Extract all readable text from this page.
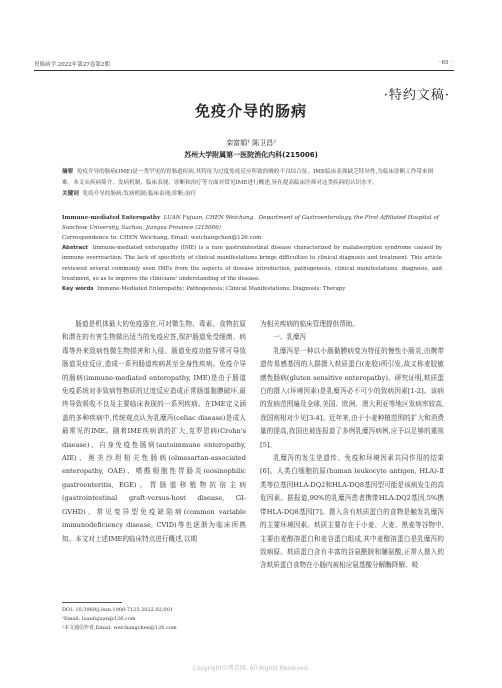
胃肠病学 2022年第27卷第2期	· 65 ·
·特约文稿·
免疫介导的肠病
栾富娟¹ 陈卫昌²
苏州大学附属第一医院消化内科(215006)
摘要 免疫介导的肠病(IME)是一类罕见的胃肠道疾病,其特征为过度免疫反应所致的吸收不良综合征。IME临床表现缺乏特异性,为临床诊断工作带来困难。本文从疾病简介、发病机制、临床表现、诊断和治疗等方面对常见IME进行概述,旨在提高临床医师对这类疾病的认识水平。
关键词 免疫介导的肠病;发病机制;临床表现;诊断;治疗
Immune-mediated Enteropathy LUAN Fujuan, CHEN Weichang. Department of Gastroenterology, the First Affiliated Hospital of Soochow University, Suzhou, Jiangsu Province (215006)
Correspondence to: CHEN Weichang, Email: weichangchen@126.com
Abstract Immune-mediated enteropathy (IME) is a rare gastrointestinal disease characterized by malabsorption syndrome caused by immune overreaction. The lack of specificity of clinical manifestations brings difficulties to clinical diagnosis and treatment. This article reviewed several commonly seen IMEs from the aspects of disease introduction, pathogenesis, clinical manifestations, diagnosis, and treatment, so as to improve the clinicians' understanding of the disease.
Key words Immune-Mediated Enteropathy; Pathogenesis; Clinical Manifestations; Diagnosis; Therapy

肠道是机体最大的免疫器官,可对微生物、毒素、食物抗原和潜在的有害生物做出适当的免疫应答,保护肠道免受细菌、病毒等外来致病性微生物损害和入侵。肠道免疫功能异常可导致肠道炎症反应,造成一系列肠道疾病甚至全身性疾病。免疫介导的肠病(immune-mediated enteropathy, IME)是由于肠道免疫系统对非致病性物质的过度反应造成正常肠道黏膜破坏,最终导致吸收不良及主要临床表现的一系列疾病。在IME定义涵盖的多种疾病中,传统观点认为乳糜泻(celiac disease)是成人最常见的IME。随着IME疾病谱的扩大,克罗恩病(Crohn's disease)、自身免疫性肠病(autoimmune enteropathy, AIE)、奥美沙坦相关性肠病(olmesartan-associated enteropathy, OAE)、嗜酸细胞性胃肠炎(eosinophilic gastroenteritis, EGE)、胃肠道移植物抗宿主病(gastrointestinal graft-versus-host disease, GI-GVHD)、常见变异型免疫缺陷病(common variable immunodeficiency disease, CVID)等也逐渐为临床所熟知。本文对上述IME的临床特点进行概述,以期

为相关疾病的临床管理提供帮助。

一、乳糜泻

乳糜泻是一种以小肠黏膜病变为特征的慢性小肠炎,由携带遗传易感基因的人群摄入麸质蛋白(麦胶)所引发,故又称麦胶敏感性肠病(gluten sensitive enteropathy)。研究证明,麸质蛋白的摄入(环境因素)是乳糜泻必不可少的致病因素[1-2]。该病的发病范围遍及全球,美国、欧洲、澳大利亚等地区发病率较高,我国则相对少见[3-4]。近年来,由于小麦种植范围的扩大和消费量的提高,我国也被连报道了多例乳糜泻病例,应予以足够的重视[5]。

乳糜泻的发生是遗传、免疫和环境因素共同作用的结果[6]。人类白细胞抗原(human leukocyte antigen, HLA)-Ⅱ类等位基因HLA-DQ2和HLA-DQ8基因型可能是该病发生的高危因素。据报道,90%的乳糜泻患者携带HLA-DQ2基因,5%携带HLA-DQ8基因[7]。摄入含有麸质蛋白的食物是触发乳糜泻的主要环境因素。麸质主要存在于小麦、大麦、黑麦等谷物中,主要由麦醇溶蛋白和麦谷蛋白组成,其中麦醇溶蛋白是乳糜泻的致病原。麸质蛋白含有丰富的谷氨酰胺和脯氨酸,正常人摄入的含麸质蛋白食物在小肠内被相应氨基酸分解酶降解、吸

DOI: 10.3969/j.issn.1008-7125.2022.02.001
¹Email: luanfujuan@126.com
²本文通信作者,Email: weichangchen@126.com
Copyright©博看网. All Rights Reserved.
